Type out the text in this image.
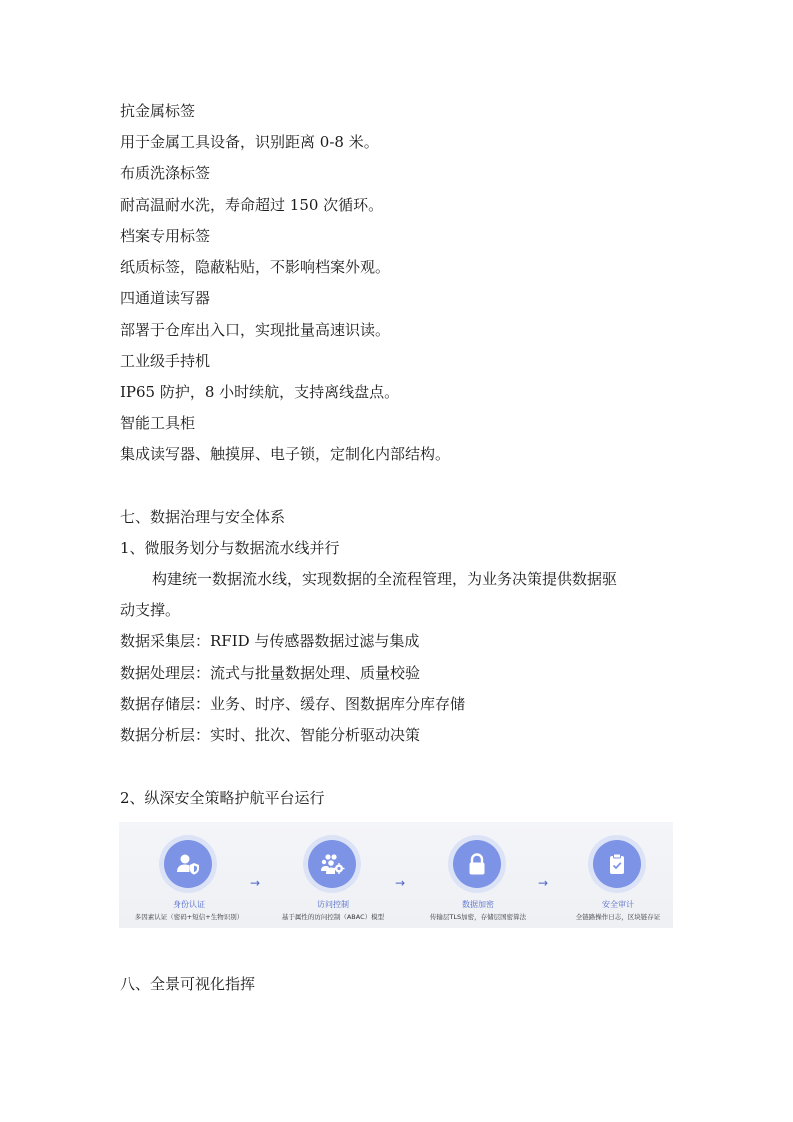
抗金属标签
用于金属工具设备，识别距离 0-8 米。
布质洗涤标签
耐高温耐水洗，寿命超过 150 次循环。
档案专用标签
纸质标签，隐蔽粘贴，不影响档案外观。
四通道读写器
部署于仓库出入口，实现批量高速识读。
工业级手持机
IP65 防护，8 小时续航，支持离线盘点。
智能工具柜
集成读写器、触摸屏、电子锁，定制化内部结构。
七、数据治理与安全体系
1、微服务划分与数据流水线并行
构建统一数据流水线，实现数据的全流程管理，为业务决策提供数据驱
动支撑。
数据采集层：RFID 与传感器数据过滤与集成
数据处理层：流式与批量数据处理、质量校验
数据存储层：业务、时序、缓存、图数据库分库存储
数据分析层：实时、批次、智能分析驱动决策
2、纵深安全策略护航平台运行
身份认证
多因素认证（密码+短信+生物识别）
→
访问控制
基于属性的访问控制（ABAC）模型
→
数据加密
传输层TLS加密，存储层国密算法
→
安全审计
全链路操作日志，区块链存证
八、全景可视化指挥
